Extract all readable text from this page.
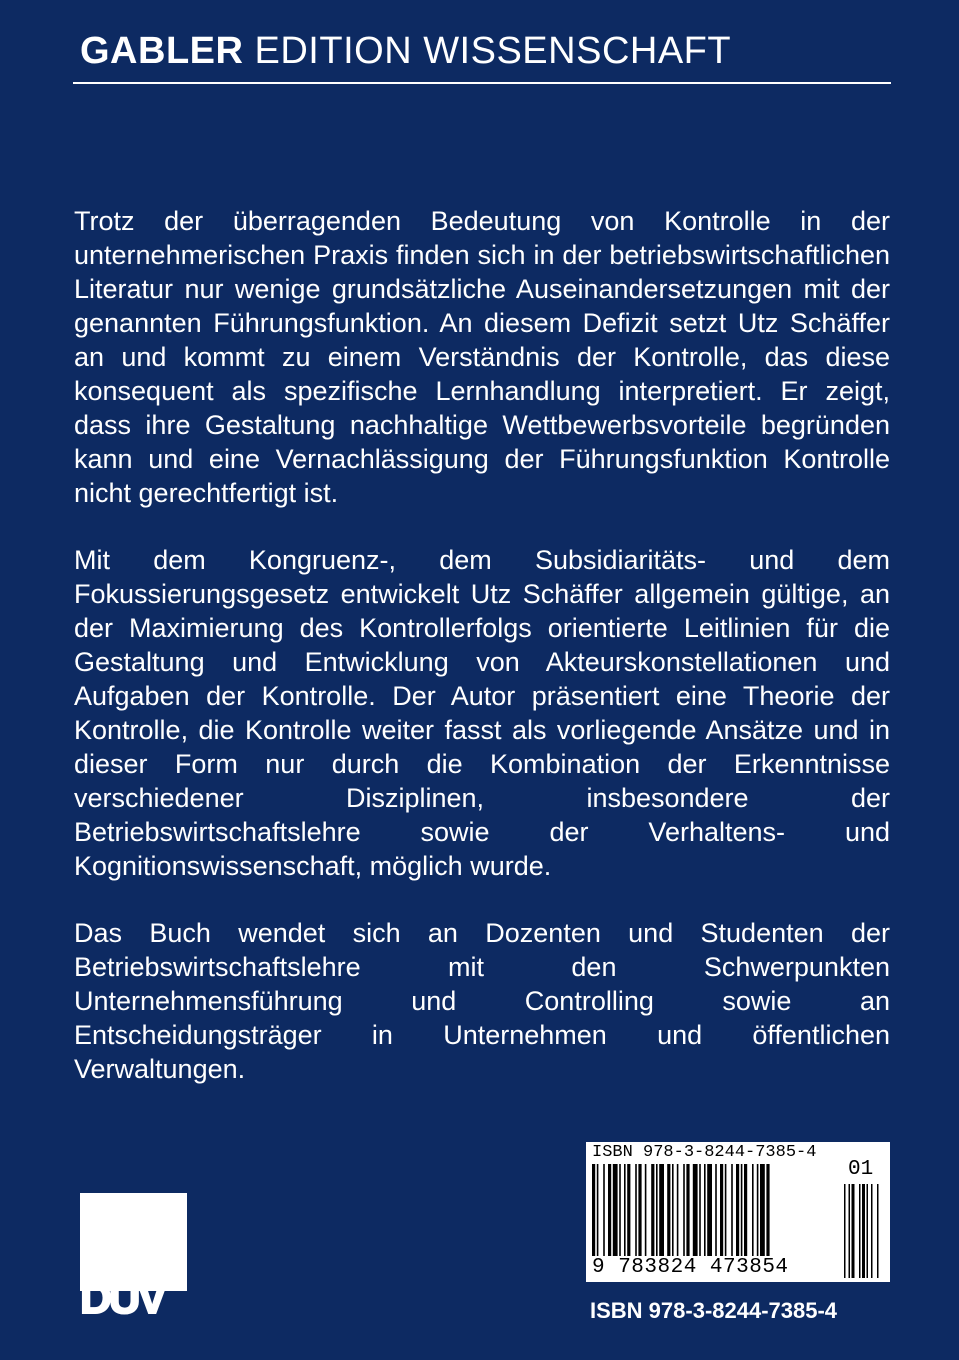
GABLER EDITION WISSENSCHAFT

Trotz der überragenden Bedeutung von Kontrolle in der unternehmerischen Praxis finden sich in der betriebswirtschaftlichen Literatur nur wenige grundsätzliche Auseinandersetzungen mit der genannten Führungsfunktion. An diesem Defizit setzt Utz Schäffer an und kommt zu einem Verständnis der Kontrolle, das diese konsequent als spezifische Lernhandlung interpretiert. Er zeigt, dass ihre Gestaltung nachhaltige Wettbewerbsvorteile begründen kann und eine Vernachlässigung der Führungsfunktion Kontrolle nicht gerechtfertigt ist.

Mit dem Kongruenz-, dem Subsidiaritäts- und dem Fokussierungsgesetz entwickelt Utz Schäffer allgemein gültige, an der Maximierung des Kontrollerfolgs orientierte Leitlinien für die Gestaltung und Entwicklung von Akteurskonstellationen und Aufgaben der Kontrolle. Der Autor präsentiert eine Theorie der Kontrolle, die Kontrolle weiter fasst als vorliegende Ansätze und in dieser Form nur durch die Kombination der Erkenntnisse verschiedener Disziplinen, insbesondere der Betriebswirtschaftslehre sowie der Verhaltens- und Kognitionswissenschaft, möglich wurde.

Das Buch wendet sich an Dozenten und Studenten der Betriebswirtschaftslehre mit den Schwerpunkten Unternehmensführung und Controlling sowie an Entscheidungsträger in Unternehmen und öffentlichen Verwaltungen.

DUV
ISBN 978-3-8244-7385-4
01
9 783824 473854
ISBN 978-3-8244-7385-4
